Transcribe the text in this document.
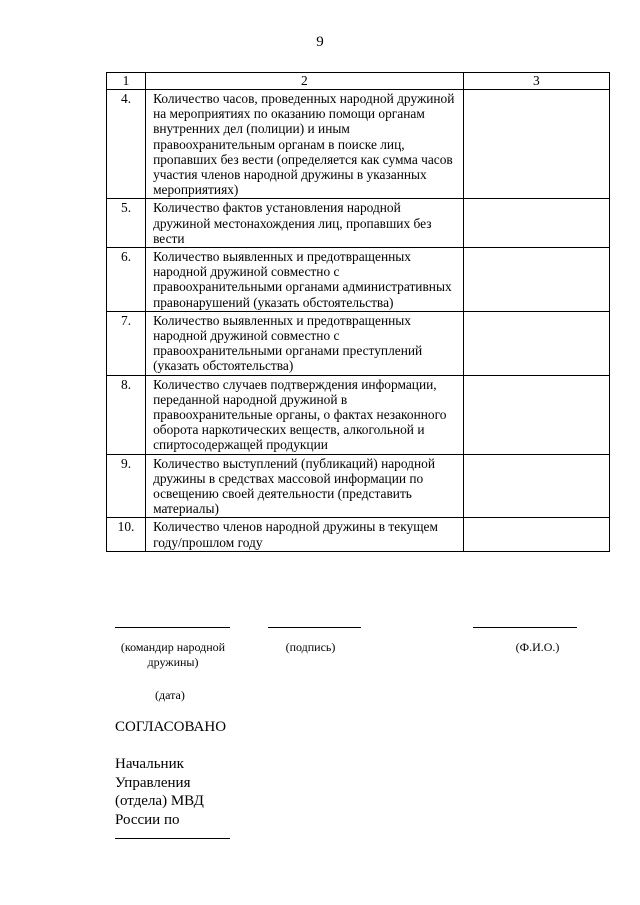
9
1	2	3
4.	Количество часов, проведенных народной дружиной на мероприятиях по оказанию помощи органам внутренних дел (полиции) и иным правоохранительным органам в поиске лиц, пропавших без вести (определяется как сумма часов участия членов народной дружины в указанных мероприятиях)	
5.	Количество фактов установления народной дружиной местонахождения лиц, пропавших без вести	
6.	Количество выявленных и предотвращенных народной дружиной совместно с правоохранительными органами административных правонарушений (указать обстоятельства)	
7.	Количество выявленных и предотвращенных народной дружиной совместно с правоохранительными органами преступлений (указать обстоятельства)	
8.	Количество случаев подтверждения информации, переданной народной дружиной в правоохранительные органы, о фактах незаконного оборота наркотических веществ, алкогольной и спиртосодержащей продукции	
9.	Количество выступлений (публикаций) народной дружины в средствах массовой информации по освещению своей деятельности (представить материалы)	
10.	Количество членов народной дружины в текущем году/прошлом году	
(командир народной
дружины)
(подпись)	(Ф.И.О.)
(дата)
СОГЛАСОВАНО
Начальник
Управления
(отдела) МВД
России по
